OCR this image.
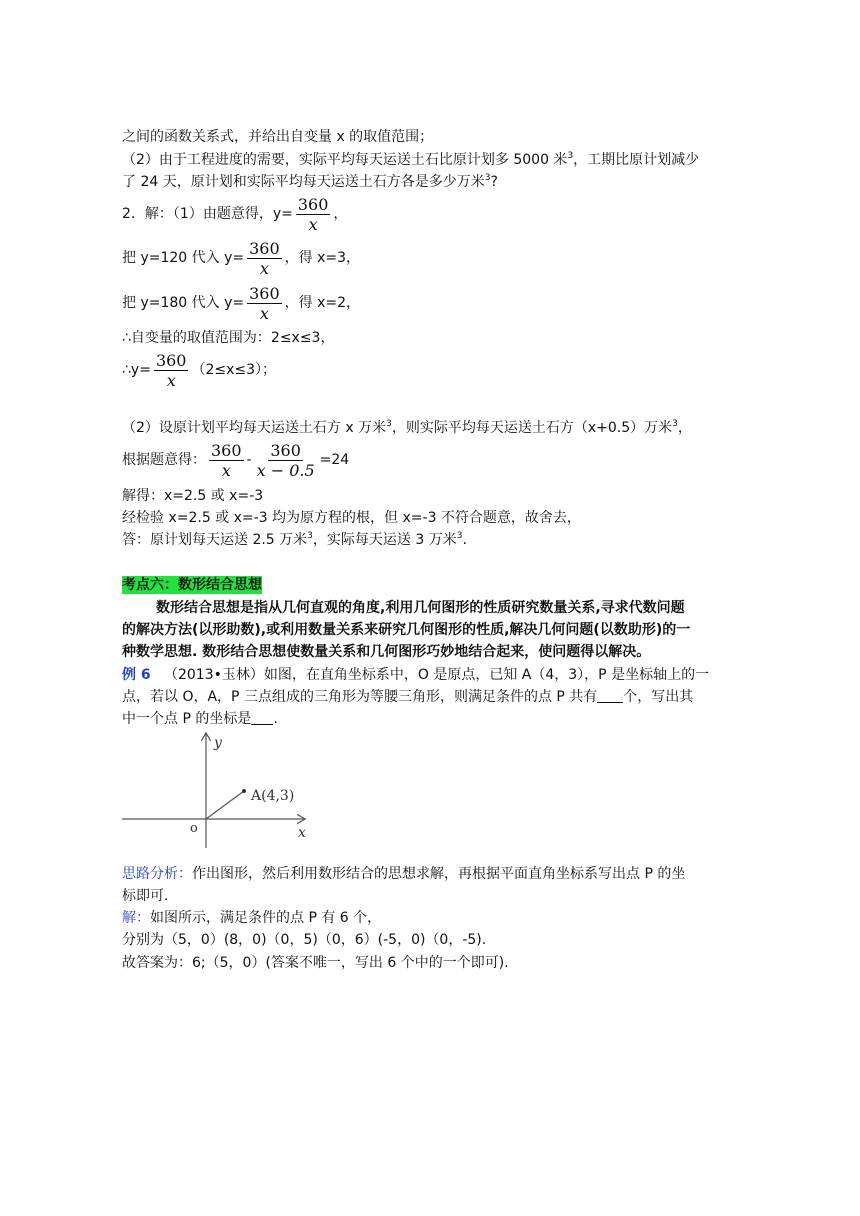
之间的函数关系式，并给出自变量 x 的取值范围；
（2）由于工程进度的需要，实际平均每天运送土石比原计划多 5000 米$^3$，工期比原计划减少
了 24 天，原计划和实际平均每天运送土石方各是多少万米$^3$?
2．解：（1）由题意得，$y= \frac{360}{x}$ ，
把 y=120 代入 $y= \frac{360}{x}$ ，得 x=3，
把 y=180 代入 $y= \frac{360}{x}$ ，得 x=2，
∴自变量的取值范围为：2≤x≤3，
∴y= $\frac{360}{x} (2\le x\le 3)$；
（2）设原计划平均每天运送土石方 x 万米$^3$，则实际平均每天运送土石方（x+0.5）万米$^3$，
根据题意得： $\frac{360}{x} - \frac{360}{x - 0.5} =24$
解得：x=2.5 或 x=-3
经检验 x=2.5 或 x=-3 均为原方程的根，但 x=-3 不符合题意，故舍去，
答：原计划每天运送 2.5 万米$^3$，实际每天运送 3 万米$^3$.
考点六：数形结合思想
数形结合思想是指从几何直观的角度,利用几何图形的性质研究数量关系,寻求代数问题
的解决方法(以形助数),或利用数量关系来研究几何图形的性质,解决几何问题(以数助形)的一
种数学思想. 数形结合思想使数量关系和几何图形巧妙地结合起来，使问题得以解决。
例 6 （2013•玉林）如图，在直角坐标系中，O 是原点，已知 A（4，3），P 是坐标轴上的一
点，若以 O，A，P 三点组成的三角形为等腰三角形，则满足条件的点 P 共有 个，写出其
中一个点 P 的坐标是 .
y
x
o
A(4,3)
思路分析：作出图形，然后利用数形结合的思想求解，再根据平面直角坐标系写出点 P 的坐
标即可.
解：如图所示，满足条件的点 P 有 6 个，
分别为（5，0）(8，0)（0，5)（0，6）(-5，0)（0，-5).
故答案为：6;（5，0）(答案不唯一，写出 6 个中的一个即可).
